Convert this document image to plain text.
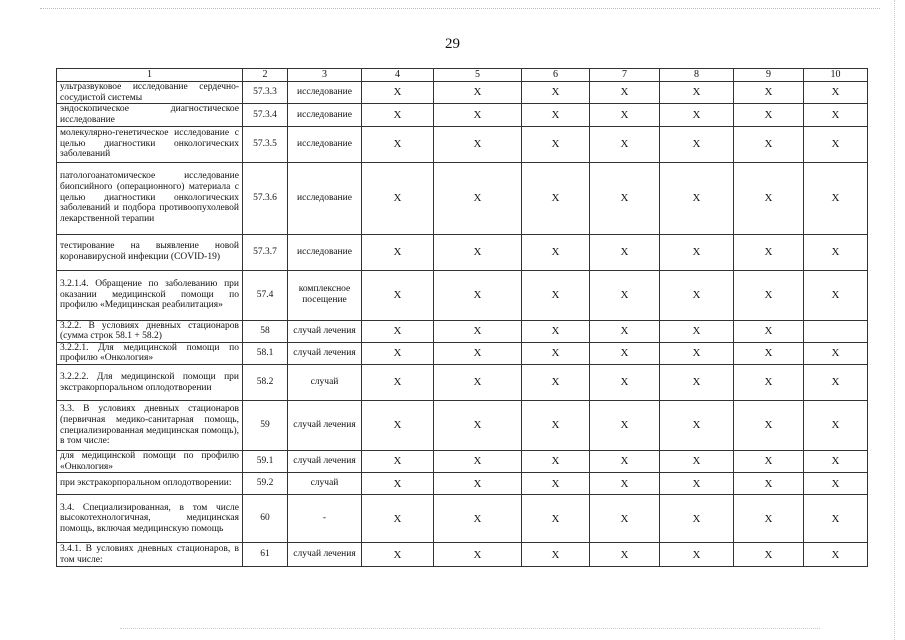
29
1	2	3	4	5	6	7	8	9	10
ультразвуковое исследование сердечно-сосудистой системы	57.3.3	исследование	X	X	X	X	X	X	X
эндоскопическое диагностическое исследование	57.3.4	исследование	X	X	X	X	X	X	X
молекулярно-генетическое исследование с целью диагностики онкологических заболеваний	57.3.5	исследование	X	X	X	X	X	X	X
патологоанатомическое исследование биопсийного (операционного) материала с целью диагностики онкологических заболеваний и подбора противоопухолевой лекарственной терапии	57.3.6	исследование	X	X	X	X	X	X	X
тестирование на выявление новой коронавирусной инфекции (COVID-19)	57.3.7	исследование	X	X	X	X	X	X	X
3.2.1.4. Обращение по заболеванию при оказании медицинской помощи по профилю «Медицинская реабилитация»	57.4	комплексное посещение	X	X	X	X	X	X	X
3.2.2. В условиях дневных стационаров (сумма строк 58.1 + 58.2)	58	случай лечения	X	X	X	X	X	X	
3.2.2.1. Для медицинской помощи по профилю «Онкология»	58.1	случай лечения	X	X	X	X	X	X	X
3.2.2.2. Для медицинской помощи при экстракорпоральном оплодотворении	58.2	случай	X	X	X	X	X	X	X
3.3. В условиях дневных стационаров (первичная медико-санитарная помощь, специализированная медицинская помощь), в том числе:	59	случай лечения	X	X	X	X	X	X	X
для медицинской помощи по профилю «Онкология»	59.1	случай лечения	X	X	X	X	X	X	X
при экстракорпоральном оплодотворении:	59.2	случай	X	X	X	X	X	X	X
3.4. Специализированная, в том числе высокотехнологичная, медицинская помощь, включая медицинскую помощь	60	-	X	X	X	X	X	X	X
3.4.1. В условиях дневных стационаров, в том числе:	61	случай лечения	X	X	X	X	X	X	X
